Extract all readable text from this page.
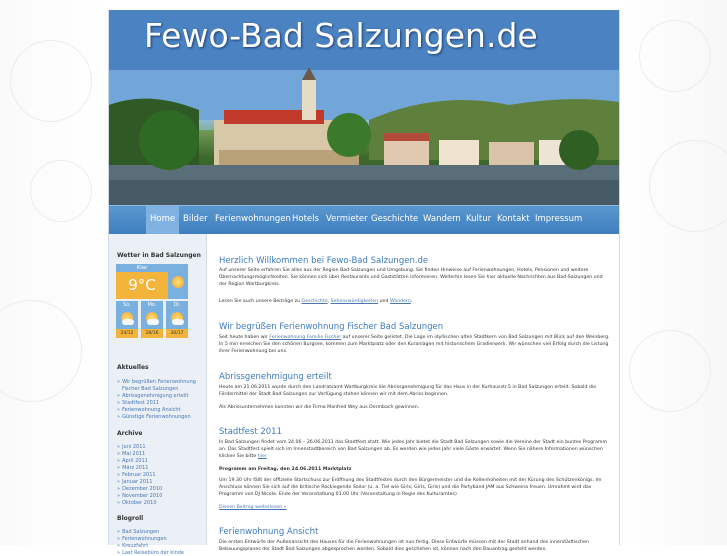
Fewo-Bad Salzungen.de
Home Bilder Ferienwohnungen Hotels Vermieter Geschichte Wandern Kultur Kontakt Impressum
Wetter in Bad Salzungen
Aktuelles
» Wir begrüßen Ferienwohnung
Fischer Bad Salzungen
» Abrissgenehmigung erteilt
» Stadtfest 2011
» Ferienwohnung Ansicht
» Günstige Ferienwohnungen
Archive
» Juni 2011
» Mai 2011
» April 2011
» März 2011
» Februar 2011
» Januar 2011
» Dezember 2010
» November 2010
» Oktober 2010
Blogroll
» Bad Salzungen
» Ferienwohnungen
» Kreuzfahrt
» Last Reisebüro der kinde
Herzlich Willkommen bei Fewo-Bad Salzungen.de
Auf unserer Seite erfahren Sie alles aus der Region Bad-Salzungen und Umgebung. Sie finden Hinweise auf Ferienwohnungen, Hotels, Pensionen und weitere Übernachtungsmöglichkeiten. Sie können sich über Restaurants und Gaststätten informieren. Weiterhin lesen Sie hier aktuelle Nachrichten aus Bad-Salzungen und der Region Wartburgkreis.
Lesen Sie auch unsere Beiträge zu Geschichte, Sehenswürdigkeiten und Wandern.
Wir begrüßen Ferienwohnung Fischer Bad Salzungen
Seit heute haben wir Ferienwohnung Familie Fischer auf unserer Seite gelistet. Die Lage im idyllischen alten Stadtkern von Bad Salzungen mit Blick auf den Weinberg. In 5 min erreichen Sie den schönen Burgsee, kommen zum Marktplatz oder den Kuranlagen mit historischem Gradierwerk. Wir wünschen viel Erfolg durch die Listung ihrer Ferienwohnung bei uns.
Abrissgenehmigung erteilt
Heute am 21.06.2011 wurde durch den Landratsamt Wartburgkreis die Abrissgenehmigung für das Haus in der Kurhausstr.5 in Bad Salzungen erteilt. Sobald die Fördermittel der Stadt Bad Salzungen zur Verfügung stehen können wir mit dem Abriss beginnen.
Als Abrissunternehmen konnten wir die Firma Manfred Wey aus Dermbach gewinnen.
Stadtfest 2011
In Bad Salzungen findet vom 24.06 – 26.06.2011 das Stadtfest statt. Wie jedes Jahr bietet die Stadt Bad Salzungen sowie die Vereine der Stadt ein buntes Programm an. Das Stadtfest spielt sich im Innenstadtbereich von Bad Salzungen ab. Es werden wie jedes Jahr viele Gäste erwartet. Wenn Sie nähere Informationen wünschen klicken Sie bitte hier
Programm am Freitag, den 24.06.2011 Marktplatz
Um 19.30 Uhr fällt der offizielle Startschuss zur Eröffnung des Stadtfestes durch den Bürgermeister und die Kellenhoheiten mit der Kürung des Schützenkönigs. Im Anschluss können Sie sich auf die britische Rockiegende Sailor (u. a. Tiel wie Girls, Girls, Girls) und die Partyband JAM aus Schweina freuen. Umrahmt wird das Programm von DJ Nicole. Ende der Veranstaltung 01.00 Uhr (Veranstaltung in Regie des Kulturamtes)
Diesen Beitrag weiterlesen »
Ferienwohnung Ansicht
Die ersten Entwürfe der Außenansicht des Hauses für die Ferienwohnungen ist nun fertig. Diese Entwürfe müssen mit der Stadt anhand des innerstädtischen Bebauungsplanes der Stadt Bad Salzungen abgesprochen werden. Sobald dies geschehen ist, können nach den Bauantrag gestellt werden.
Klar
9°C
So.
24/12
Mo.
28/16
Di.
30/17
